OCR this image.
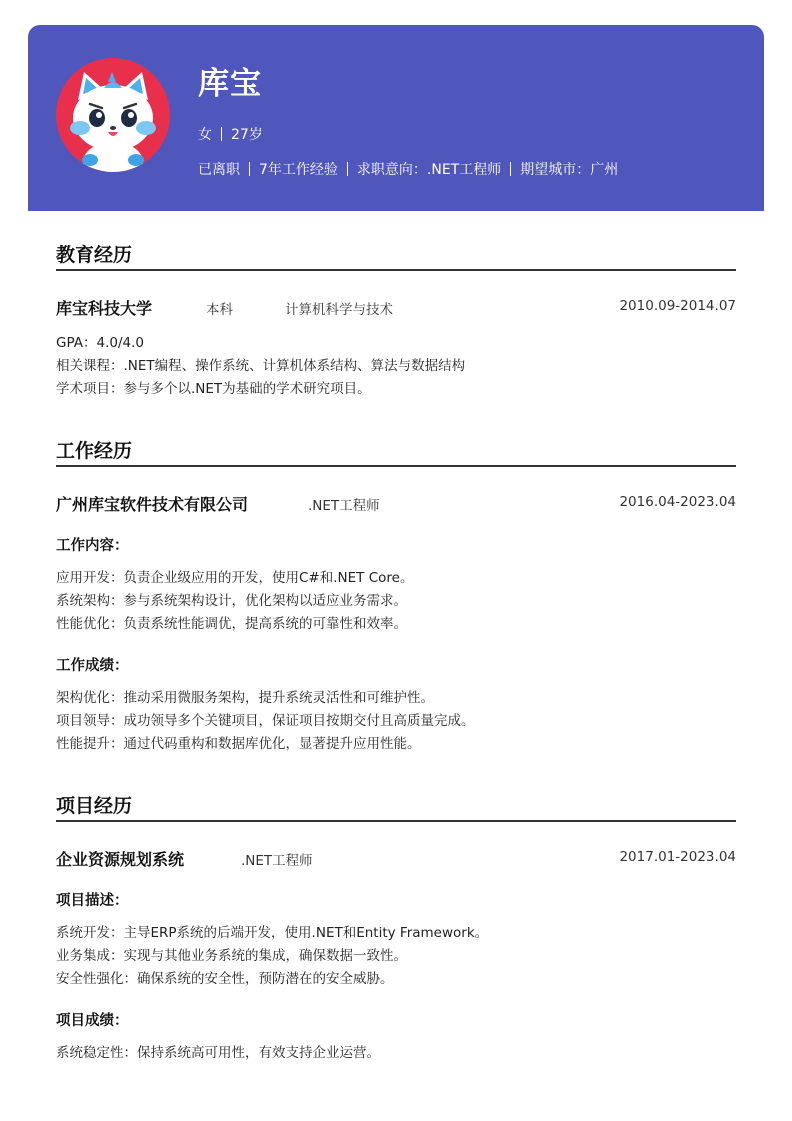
库宝
女 27岁
已离职 7年工作经验 求职意向：.NET工程师 期望城市：广州
教育经历
库宝科技大学	本科	计算机科学与技术	2010.09-2014.07
GPA：4.0/4.0
相关课程：.NET编程、操作系统、计算机体系结构、算法与数据结构
学术项目：参与多个以.NET为基础的学术研究项目。
工作经历
广州库宝软件技术有限公司	.NET工程师	2016.04-2023.04
工作内容：
应用开发：负责企业级应用的开发，使用C#和.NET Core。
系统架构：参与系统架构设计，优化架构以适应业务需求。
性能优化：负责系统性能调优，提高系统的可靠性和效率。
工作成绩：
架构优化：推动采用微服务架构，提升系统灵活性和可维护性。
项目领导：成功领导多个关键项目，保证项目按期交付且高质量完成。
性能提升：通过代码重构和数据库优化，显著提升应用性能。
项目经历
企业资源规划系统	.NET工程师	2017.01-2023.04
项目描述：
系统开发：主导ERP系统的后端开发，使用.NET和Entity Framework。
业务集成：实现与其他业务系统的集成，确保数据一致性。
安全性强化：确保系统的安全性，预防潜在的安全威胁。
项目成绩：
系统稳定性：保持系统高可用性，有效支持企业运营。
